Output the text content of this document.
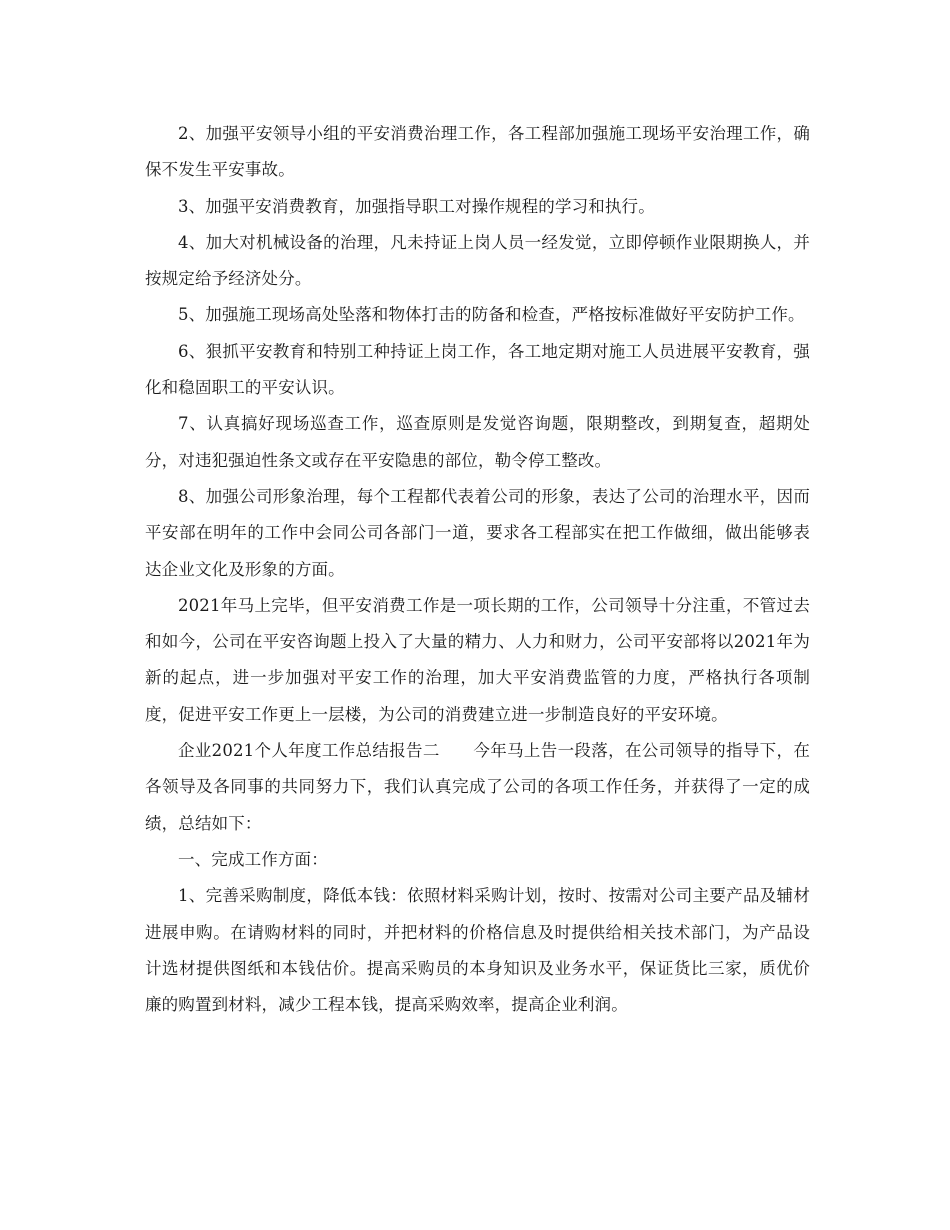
2、加强平安领导小组的平安消费治理工作，各工程部加强施工现场平安治理工作，确保不发生平安事故。

3、加强平安消费教育，加强指导职工对操作规程的学习和执行。

4、加大对机械设备的治理，凡未持证上岗人员一经发觉，立即停顿作业限期换人，并按规定给予经济处分。

5、加强施工现场高处坠落和物体打击的防备和检查，严格按标准做好平安防护工作。

6、狠抓平安教育和特别工种持证上岗工作，各工地定期对施工人员进展平安教育，强化和稳固职工的平安认识。

7、认真搞好现场巡查工作，巡查原则是发觉咨询题，限期整改，到期复查，超期处分，对违犯强迫性条文或存在平安隐患的部位，勒令停工整改。

8、加强公司形象治理，每个工程都代表着公司的形象，表达了公司的治理水平，因而平安部在明年的工作中会同公司各部门一道，要求各工程部实在把工作做细，做出能够表达企业文化及形象的方面。

2021年马上完毕，但平安消费工作是一项长期的工作，公司领导十分注重，不管过去和如今，公司在平安咨询题上投入了大量的精力、人力和财力，公司平安部将以2021年为新的起点，进一步加强对平安工作的治理，加大平安消费监管的力度，严格执行各项制度，促进平安工作更上一层楼，为公司的消费建立进一步制造良好的平安环境。

企业2021个人年度工作总结报告二　　今年马上告一段落，在公司领导的指导下，在各领导及各同事的共同努力下，我们认真完成了公司的各项工作任务，并获得了一定的成绩，总结如下：

一、完成工作方面：

1、完善采购制度，降低本钱：依照材料采购计划，按时、按需对公司主要产品及辅材进展申购。在请购材料的同时，并把材料的价格信息及时提供给相关技术部门，为产品设计选材提供图纸和本钱估价。提高采购员的本身知识及业务水平，保证货比三家，质优价廉的购置到材料，减少工程本钱，提高采购效率，提高企业利润。
